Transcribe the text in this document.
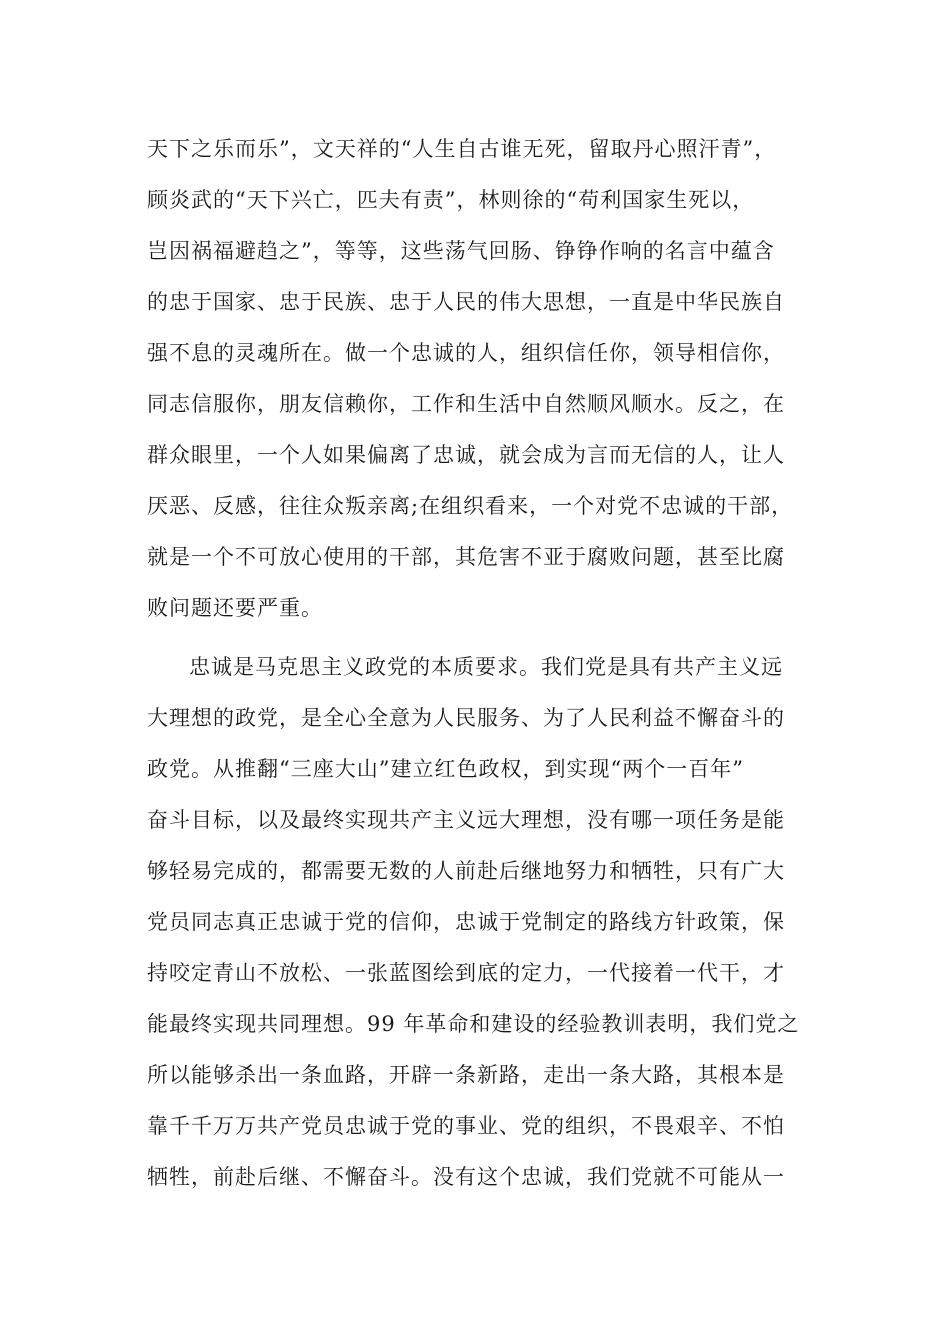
天下之乐而乐”，文天祥的“人生自古谁无死，留取丹心照汗青”，
顾炎武的“天下兴亡，匹夫有责”，林则徐的“苟利国家生死以，
岂因祸福避趋之”，等等，这些荡气回肠、铮铮作响的名言中蕴含
的忠于国家、忠于民族、忠于人民的伟大思想，一直是中华民族自
强不息的灵魂所在。做一个忠诚的人，组织信任你，领导相信你，
同志信服你，朋友信赖你，工作和生活中自然顺风顺水。反之，在
群众眼里，一个人如果偏离了忠诚，就会成为言而无信的人，让人
厌恶、反感，往往众叛亲离;在组织看来，一个对党不忠诚的干部，
就是一个不可放心使用的干部，其危害不亚于腐败问题，甚至比腐
败问题还要严重。
忠诚是马克思主义政党的本质要求。我们党是具有共产主义远
大理想的政党，是全心全意为人民服务、为了人民利益不懈奋斗的
政党。从推翻“三座大山”建立红色政权，到实现“两个一百年”
奋斗目标，以及最终实现共产主义远大理想，没有哪一项任务是能
够轻易完成的，都需要无数的人前赴后继地努力和牺牲，只有广大
党员同志真正忠诚于党的信仰，忠诚于党制定的路线方针政策，保
持咬定青山不放松、一张蓝图绘到底的定力，一代接着一代干，才
能最终实现共同理想。99 年革命和建设的经验教训表明，我们党之
所以能够杀出一条血路，开辟一条新路，走出一条大路，其根本是
靠千千万万共产党员忠诚于党的事业、党的组织，不畏艰辛、不怕
牺牲，前赴后继、不懈奋斗。没有这个忠诚，我们党就不可能从一
